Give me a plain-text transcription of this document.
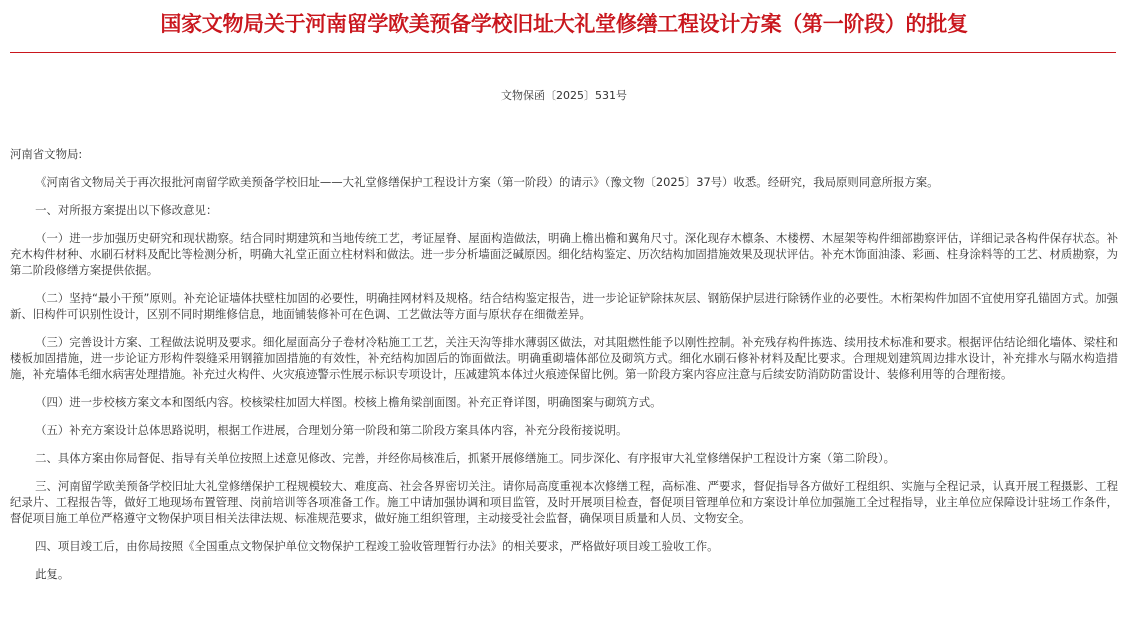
国家文物局关于河南留学欧美预备学校旧址大礼堂修缮工程设计方案（第一阶段）的批复
文物保函〔2025〕531号

河南省文物局:

《河南省文物局关于再次报批河南留学欧美预备学校旧址——大礼堂修缮保护工程设计方案（第一阶段）的请示》（豫文物〔2025〕37号）收悉。经研究，我局原则同意所报方案。

一、对所报方案提出以下修改意见：

（一）进一步加强历史研究和现状勘察。结合同时期建筑和当地传统工艺，考证屋脊、屋面构造做法，明确上檐出檐和翼角尺寸。深化现存木檩条、木楼楞、木屋架等构件细部勘察评估，详细记录各构件保存状态。补充木构件材种、水刷石材料及配比等检测分析，明确大礼堂正面立柱材料和做法。进一步分析墙面泛碱原因。细化结构鉴定、历次结构加固措施效果及现状评估。补充木饰面油漆、彩画、柱身涂料等的工艺、材质勘察，为第二阶段修缮方案提供依据。

（二）坚持“最小干预”原则。补充论证墙体扶壁柱加固的必要性，明确挂网材料及规格。结合结构鉴定报告，进一步论证铲除抹灰层、钢筋保护层进行除锈作业的必要性。木桁架构件加固不宜使用穿孔锚固方式。加强新、旧构件可识别性设计，区别不同时期维修信息，地面铺装修补可在色调、工艺做法等方面与原状存在细微差异。

（三）完善设计方案、工程做法说明及要求。细化屋面高分子卷材冷粘施工工艺，关注天沟等排水薄弱区做法，对其阻燃性能予以刚性控制。补充残存构件拣选、续用技术标准和要求。根据评估结论细化墙体、梁柱和楼板加固措施，进一步论证方形构件裂缝采用钢箍加固措施的有效性，补充结构加固后的饰面做法。明确重砌墙体部位及砌筑方式。细化水刷石修补材料及配比要求。合理规划建筑周边排水设计，补充排水与隔水构造措施，补充墙体毛细水病害处理措施。补充过火构件、火灾痕迹警示性展示标识专项设计，压减建筑本体过火痕迹保留比例。第一阶段方案内容应注意与后续安防消防防雷设计、装修利用等的合理衔接。

（四）进一步校核方案文本和图纸内容。校核梁柱加固大样图。校核上檐角梁剖面图。补充正脊详图，明确图案与砌筑方式。

（五）补充方案设计总体思路说明，根据工作进展，合理划分第一阶段和第二阶段方案具体内容，补充分段衔接说明。

二、具体方案由你局督促、指导有关单位按照上述意见修改、完善，并经你局核准后，抓紧开展修缮施工。同步深化、有序报审大礼堂修缮保护工程设计方案（第二阶段）。

三、河南留学欧美预备学校旧址大礼堂修缮保护工程规模较大、难度高、社会各界密切关注。请你局高度重视本次修缮工程，高标准、严要求，督促指导各方做好工程组织、实施与全程记录，认真开展工程摄影、工程纪录片、工程报告等，做好工地现场布置管理、岗前培训等各项准备工作。施工中请加强协调和项目监管，及时开展项目检查，督促项目管理单位和方案设计单位加强施工全过程指导，业主单位应保障设计驻场工作条件，督促项目施工单位严格遵守文物保护项目相关法律法规、标准规范要求，做好施工组织管理，主动接受社会监督，确保项目质量和人员、文物安全。

四、项目竣工后，由你局按照《全国重点文物保护单位文物保护工程竣工验收管理暂行办法》的相关要求，严格做好项目竣工验收工作。

此复。
